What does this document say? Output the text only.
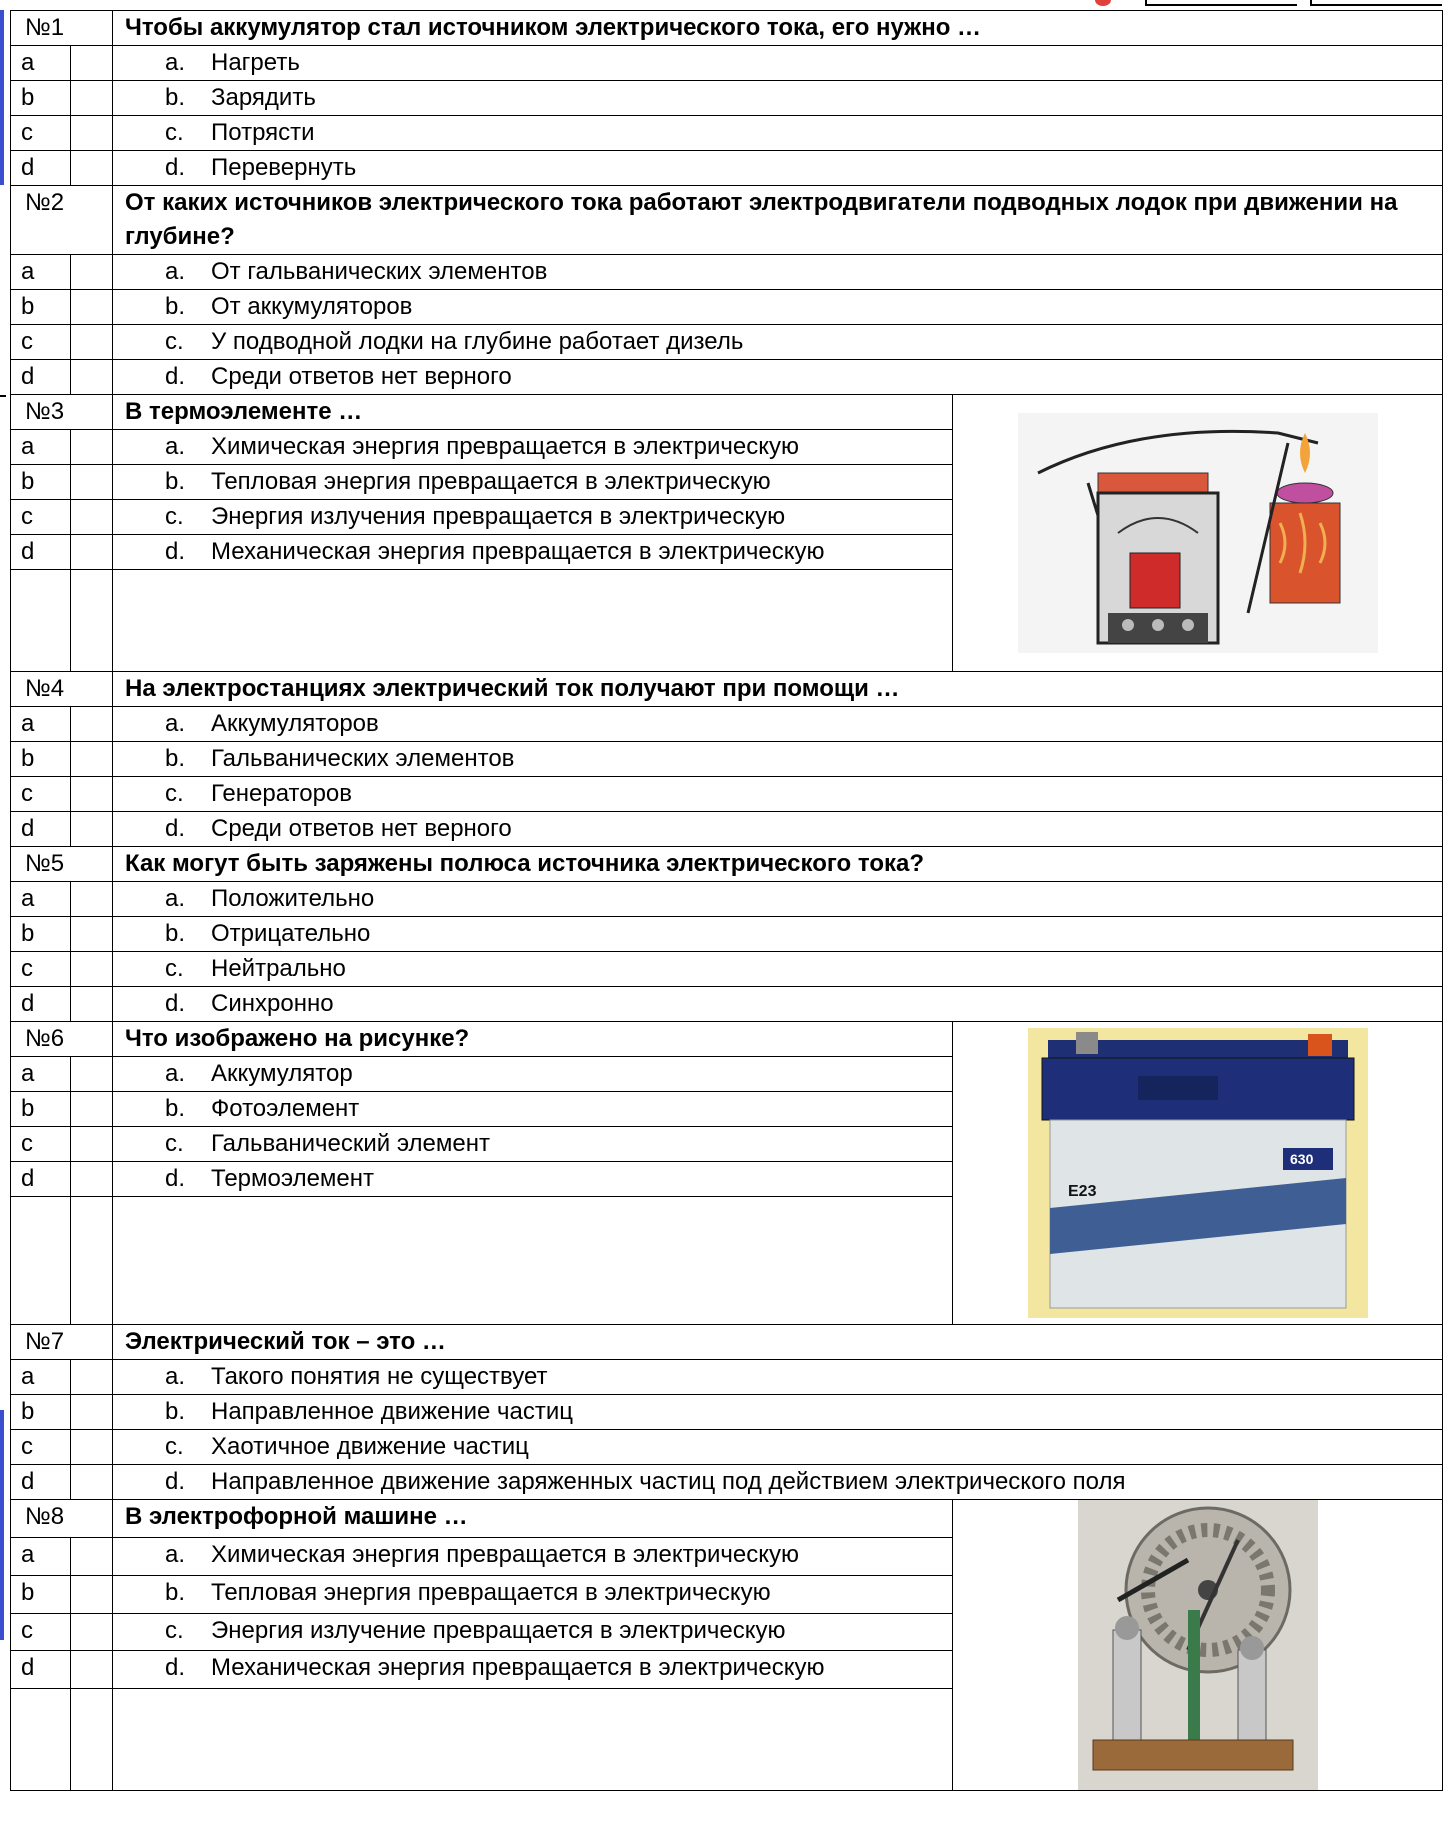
№1		Чтобы аккумулятор стал источником электрического тока, его нужно …	
a		a. Нагреть	
b		b. Зарядить	
c		c. Потрясти	
d		d. Перевернуть	
№2		От каких источников электрического тока работают электродвигатели подводных лодок при движении на глубине?	
a		a. От гальванических элементов	
b		b. От аккумуляторов	
c		c. У подводной лодки на глубине работает дизель	
d		d. Среди ответов нет верного	
№3		В термоэлементе …	

a		a. Химическая энергия превращается в электрическую	
b		b. Тепловая энергия превращается в электрическую	
c		c. Энергия излучения превращается в электрическую	
d		d. Механическая энергия превращается в электрическую	

№4		На электростанциях электрический ток получают при помощи …	
a		a. Аккумуляторов	
b		b. Гальванических элементов	
c		c. Генераторов	
d		d. Среди ответов нет верного	
№5		Как могут быть заряжены полюса источника электрического тока?	
a		a. Положительно	
b		b. Отрицательно	
c		c. Нейтрально	
d		d. Синхронно	
№6		Что изображено на рисунке?	E23
630

a		a. Аккумулятор	
b		b. Фотоэлемент	
c		c. Гальванический элемент	
d		d. Термоэлемент	

№7		Электрический ток – это …	
a		a. Такого понятия не существует	
b		b. Направленное движение частиц	
c		c. Хаотичное движение частиц	
d		d. Направленное движение заряженных частиц под действием электрического поля	
№8		В электрофорной машине …	

a		a. Химическая энергия превращается в электрическую	
b		b. Тепловая энергия превращается в электрическую	
c		c. Энергия излучение превращается в электрическую	
d		d. Механическая энергия превращается в электрическую	
